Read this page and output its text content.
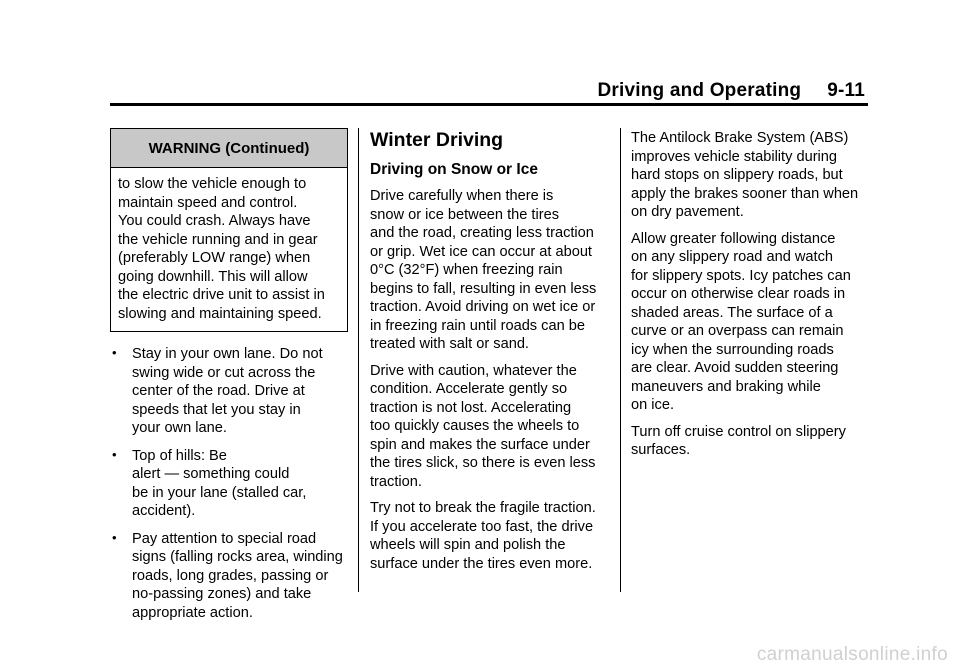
Driving and Operating 9-11
WARNING (Continued)
to slow the vehicle enough to
maintain speed and control.
You could crash. Always have
the vehicle running and in gear
(preferably LOW range) when
going downhill. This will allow
the electric drive unit to assist in
slowing and maintaining speed.
• Stay in your own lane. Do not
swing wide or cut across the
center of the road. Drive at
speeds that let you stay in
your own lane.
• Top of hills: Be
alert — something could
be in your lane (stalled car,
accident).
• Pay attention to special road
signs (falling rocks area, winding
roads, long grades, passing or
no-passing zones) and take
appropriate action.
Winter Driving
Driving on Snow or Ice
Drive carefully when there is
snow or ice between the tires
and the road, creating less traction
or grip. Wet ice can occur at about
0°C (32°F) when freezing rain
begins to fall, resulting in even less
traction. Avoid driving on wet ice or
in freezing rain until roads can be
treated with salt or sand.
Drive with caution, whatever the
condition. Accelerate gently so
traction is not lost. Accelerating
too quickly causes the wheels to
spin and makes the surface under
the tires slick, so there is even less
traction.
Try not to break the fragile traction.
If you accelerate too fast, the drive
wheels will spin and polish the
surface under the tires even more.
The Antilock Brake System (ABS)
improves vehicle stability during
hard stops on slippery roads, but
apply the brakes sooner than when
on dry pavement.
Allow greater following distance
on any slippery road and watch
for slippery spots. Icy patches can
occur on otherwise clear roads in
shaded areas. The surface of a
curve or an overpass can remain
icy when the surrounding roads
are clear. Avoid sudden steering
maneuvers and braking while
on ice.
Turn off cruise control on slippery
surfaces.
carmanualsonline.info
